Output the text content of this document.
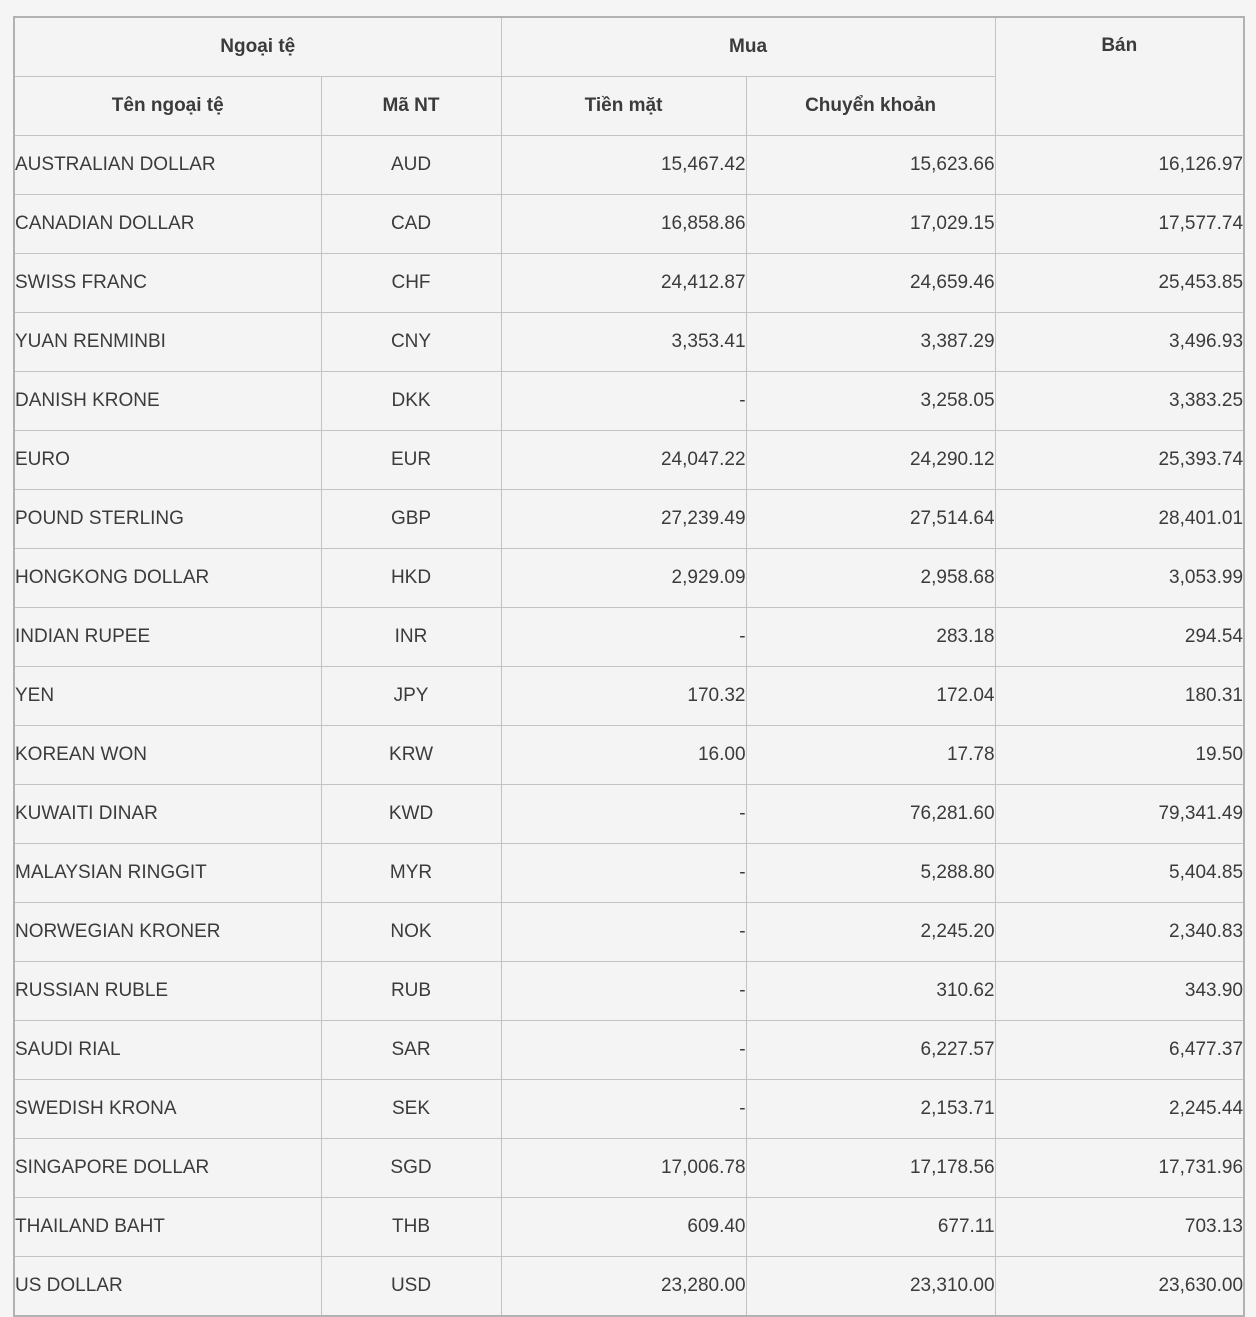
Ngoại tệ		Mua		Bán
Tên ngoại tệ	Mã NT	Tiền mặt	Chuyển khoản	
AUSTRALIAN DOLLAR	AUD	15,467.42	15,623.66	16,126.97
CANADIAN DOLLAR	CAD	16,858.86	17,029.15	17,577.74
SWISS FRANC	CHF	24,412.87	24,659.46	25,453.85
YUAN RENMINBI	CNY	3,353.41	3,387.29	3,496.93
DANISH KRONE	DKK	-	3,258.05	3,383.25
EURO	EUR	24,047.22	24,290.12	25,393.74
POUND STERLING	GBP	27,239.49	27,514.64	28,401.01
HONGKONG DOLLAR	HKD	2,929.09	2,958.68	3,053.99
INDIAN RUPEE	INR	-	283.18	294.54
YEN	JPY	170.32	172.04	180.31
KOREAN WON	KRW	16.00	17.78	19.50
KUWAITI DINAR	KWD	-	76,281.60	79,341.49
MALAYSIAN RINGGIT	MYR	-	5,288.80	5,404.85
NORWEGIAN KRONER	NOK	-	2,245.20	2,340.83
RUSSIAN RUBLE	RUB	-	310.62	343.90
SAUDI RIAL	SAR	-	6,227.57	6,477.37
SWEDISH KRONA	SEK	-	2,153.71	2,245.44
SINGAPORE DOLLAR	SGD	17,006.78	17,178.56	17,731.96
THAILAND BAHT	THB	609.40	677.11	703.13
US DOLLAR	USD	23,280.00	23,310.00	23,630.00
